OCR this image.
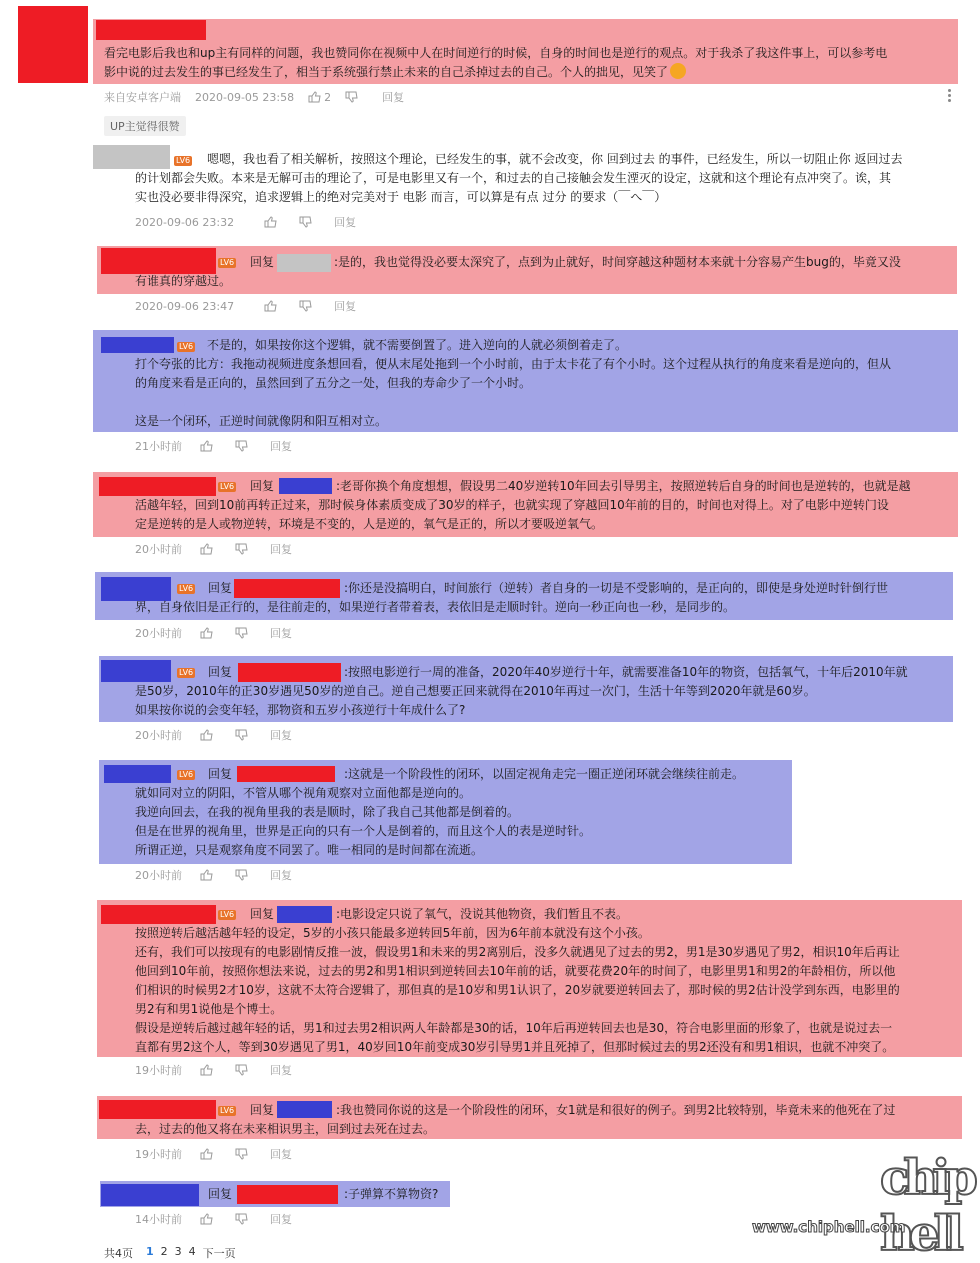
看完电影后我也和up主有同样的问题，我也赞同你在视频中人在时间逆行的时候，自身的时间也是逆行的观点。对于我杀了我这件事上，可以参考电
影中说的过去发生的事已经发生了，相当于系统强行禁止未来的自己杀掉过去的自己。个人的拙见，见笑了
来自安卓客户端 2020-09-05 23:58	2	回复
UP主觉得很赞
LV6	嗯嗯，我也看了相关解析，按照这个理论，已经发生的事，就不会改变，你 回到过去 的事件，已经发生，所以一切阻止你 返回过去
的计划都会失败。本来是无解可击的理论了，可是电影里又有一个，和过去的自己接触会发生湮灭的设定，这就和这个理论有点冲突了。诶，其
实也没必要非得深究，追求逻辑上的绝对完美对于 电影 而言，可以算是有点 过分 的要求（￣へ￣）
2020-09-06 23:32	回复
LV6 回复	:是的，我也觉得没必要太深究了，点到为止就好，时间穿越这种题材本来就十分容易产生bug的，毕竟又没
有谁真的穿越过。
2020-09-06 23:47	回复
LV6 不是的，如果按你这个逻辑，就不需要倒置了。进入逆向的人就必须倒着走了。
打个夸张的比方：我拖动视频进度条想回看，便从末尾处拖到一个小时前，由于太卡花了有个小时。这个过程从执行的角度来看是逆向的，但从
的角度来看是正向的，虽然回到了五分之一处，但我的寿命少了一个小时。
这是一个闭环，正逆时间就像阴和阳互相对立。
21小时前	回复
LV6 回复	:老哥你换个角度想想，假设男二40岁逆转10年回去引导男主，按照逆转后自身的时间也是逆转的，也就是越
活越年轻，回到10前再转正过来，那时候身体素质变成了30岁的样子，也就实现了穿越回10年前的目的，时间也对得上。对了电影中逆转门设
定是逆转的是人或物逆转，环境是不变的，人是逆的，氧气是正的，所以才要吸逆氧气。
20小时前	回复
LV6 回复	:你还是没搞明白，时间旅行（逆转）者自身的一切是不受影响的，是正向的，即使是身处逆时针倒行世
界，自身依旧是正行的，是往前走的，如果逆行者带着表，表依旧是走顺时针。逆向一秒正向也一秒，是同步的。
20小时前	回复
LV6 回复	:按照电影逆行一周的准备，2020年40岁逆行十年，就需要准备10年的物资，包括氧气，十年后2010年就
是50岁，2010年的正30岁遇见50岁的逆自己。逆自己想要正回来就得在2010年再过一次门，生活十年等到2020年就是60岁。
如果按你说的会变年轻，那物资和五岁小孩逆行十年成什么了?
20小时前	回复
LV6 回复	:这就是一个阶段性的闭环，以固定视角走完一圈正逆闭环就会继续往前走。
就如同对立的阴阳，不管从哪个视角观察对立面他都是逆向的。
我逆向回去，在我的视角里我的表是顺时，除了我自己其他都是倒着的。
但是在世界的视角里，世界是正向的只有一个人是倒着的，而且这个人的表是逆时针。
所谓正逆，只是观察角度不同罢了。唯一相同的是时间都在流逝。
20小时前	回复
LV6 回复	:电影设定只说了氧气，没说其他物资，我们暂且不表。
按照逆转后越活越年轻的设定，5岁的小孩只能最多逆转回5年前，因为6年前本就没有这个小孩。
还有，我们可以按现有的电影剧情反推一波，假设男1和未来的男2离别后，没多久就遇见了过去的男2，男1是30岁遇见了男2，相识10年后再让
他回到10年前，按照你想法来说，过去的男2和男1相识到逆转回去10年前的话，就要花费20年的时间了，电影里男1和男2的年龄相仿，所以他
们相识的时候男2才10岁，这就不太符合逻辑了，那但真的是10岁和男1认识了，20岁就要逆转回去了，那时候的男2估计没学到东西，电影里的
男2有和男1说他是个博士。
假设是逆转后越过越年轻的话，男1和过去男2相识两人年龄都是30的话，10年后再逆转回去也是30，符合电影里面的形象了，也就是说过去一
直都有男2这个人，等到30岁遇见了男1，40岁回10年前变成30岁引导男1并且死掉了，但那时候过去的男2还没有和男1相识，也就不冲突了。
19小时前	回复
LV6 回复	:我也赞同你说的这是一个阶段性的闭环，女1就是和很好的例子。到男2比较特别，毕竟未来的他死在了过
去，过去的他又将在未来相识男主，回到过去死在过去。
19小时前	回复
回复	:子弹算不算物资?
14小时前	回复
共4页 1 2 3 4 下一页
chip
hell
www.chiphell.com
